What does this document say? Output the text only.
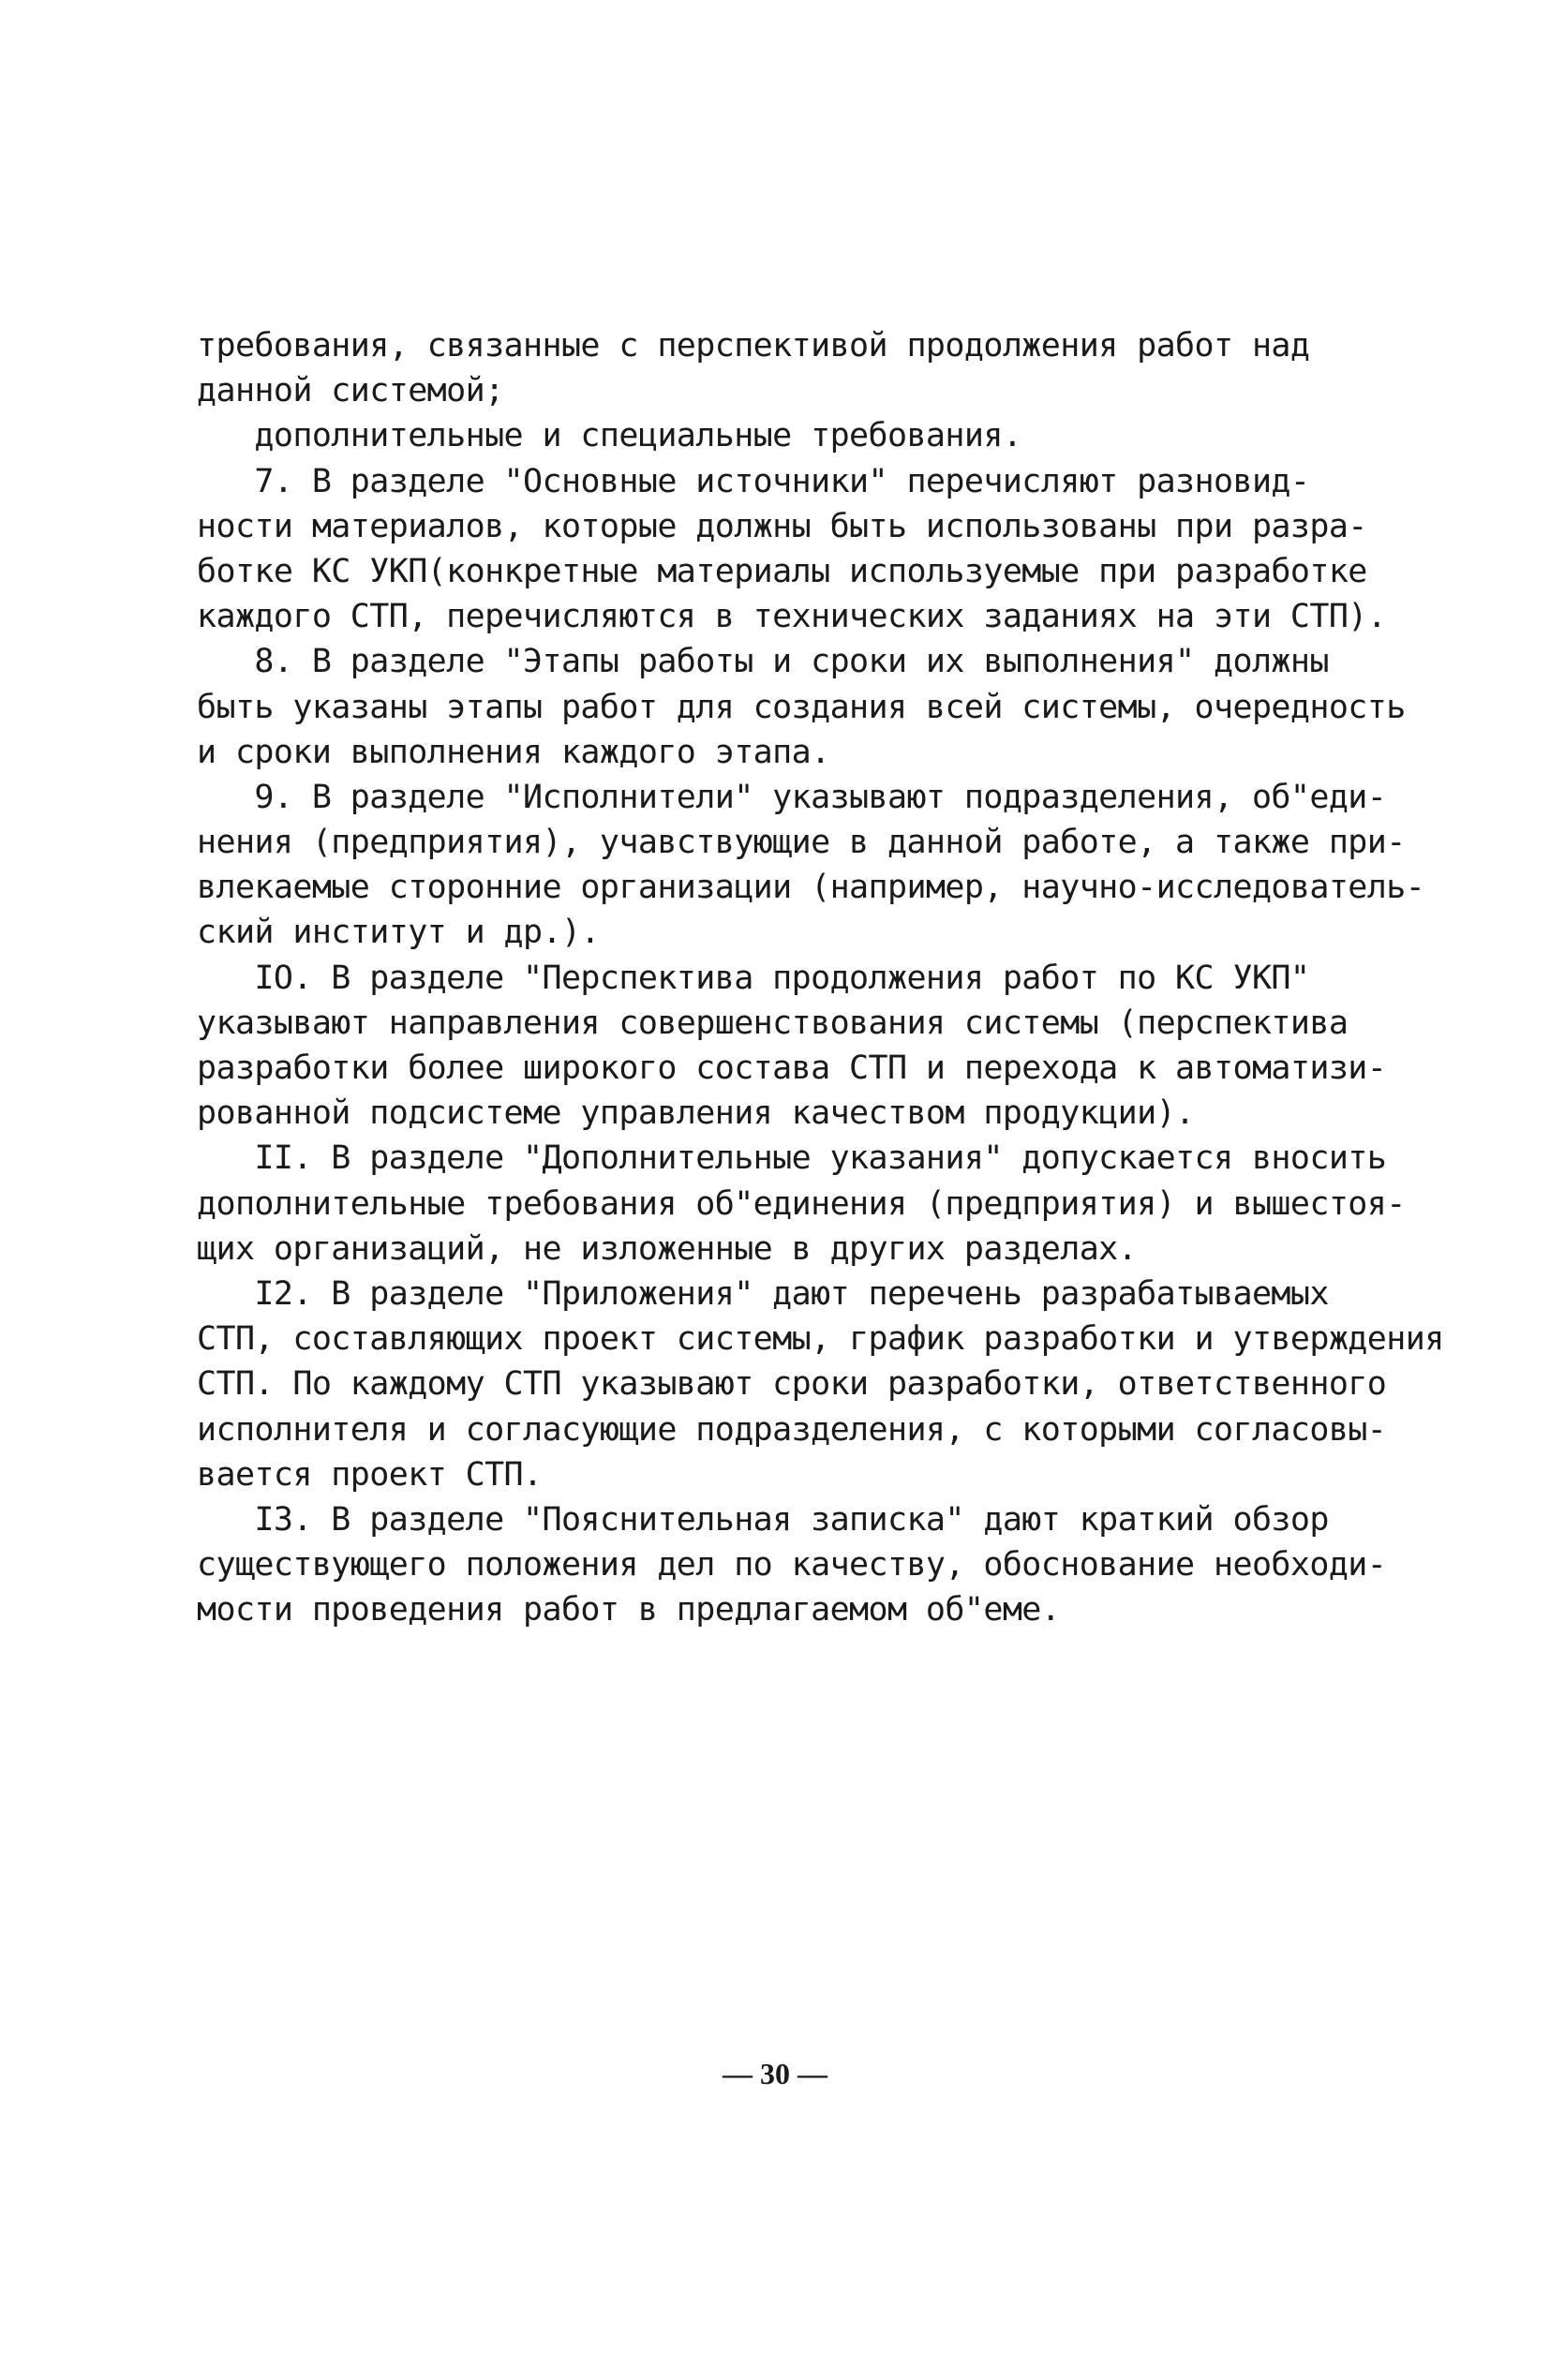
требования, связанные с перспективой продолжения работ над
данной системой;
дополнительные и специальные требования.
7. В разделе "Основные источники" перечисляют разновид-
ности материалов, которые должны быть использованы при разра-
ботке КС УКП(конкретные материалы используемые при разработке
каждого СТП, перечисляются в технических заданиях на эти СТП).
8. В разделе "Этапы работы и сроки их выполнения" должны
быть указаны этапы работ для создания всей системы, очередность
и сроки выполнения каждого этапа.
9. В разделе "Исполнители" указывают подразделения, об"еди-
нения (предприятия), учавствующие в данной работе, а также при-
влекаемые сторонние организации (например, научно-исследователь-
ский институт и др.).
IO. В разделе "Перспектива продолжения работ по КС УКП"
указывают направления совершенствования системы (перспектива
разработки более широкого состава СТП и перехода к автоматизи-
рованной подсистеме управления качеством продукции).
II. В разделе "Дополнительные указания" допускается вносить
дополнительные требования об"единения (предприятия) и вышестоя-
щих организаций, не изложенные в других разделах.
I2. В разделе "Приложения" дают перечень разрабатываемых
СТП, составляющих проект системы, график разработки и утверждения
СТП. По каждому СТП указывают сроки разработки, ответственного
исполнителя и согласующие подразделения, с которыми согласовы-
вается проект СТП.
I3. В разделе "Пояснительная записка" дают краткий обзор
существующего положения дел по качеству, обоснование необходи-
мости проведения работ в предлагаемом об"еме.
— 30 —
